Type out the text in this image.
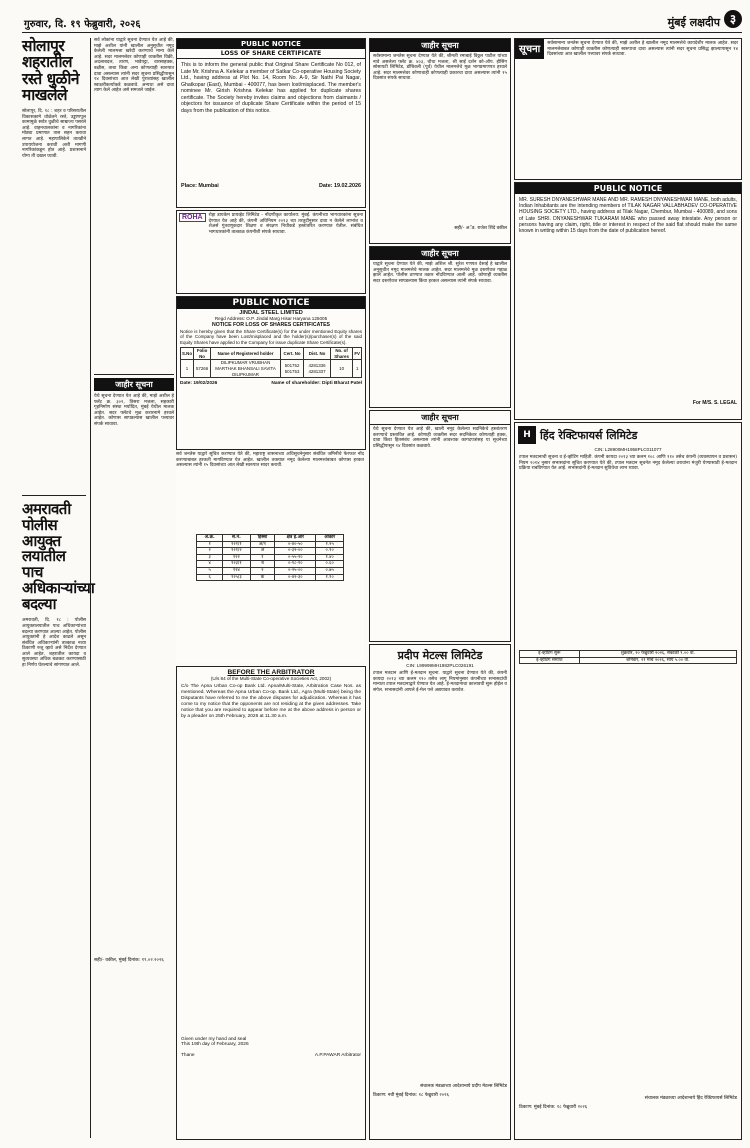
गुरुवार, दि. १९ फेब्रुवारी, २०२६	मुंबई लक्षदीप ३
सोलापूर शहरातील रस्ते धुळीने माखलेले
सोलापूर, दि. १८ : शहर व परिसरातील विकासकामे धोळेतने रस्ते, उड्डाणपूल कामामुळे सर्वत्र धुळीचे साम्राज्य पसरले आहे. वाहनचालकांना व नागरिकांना मोठ्या प्रमाणात त्रास सहन करावा लागत आहे. महापालिकेने तातडीने उपाययोजना करावी अशी मागणी नागरिकांकडून होत आहे. प्रशासनाने योग्य ती दखल घ्यावी.
अमरावती पोलीस आयुक्त लयातील पाच अधिकाऱ्यांच्या बदल्या
अमरावती, दि. १८ : पोलीस आयुक्तालयातील पाच अधिकाऱ्यांच्या बदल्या करण्यात आल्या आहेत. पोलीस आयुक्तांनी हे आदेश काढले असून संबंधित अधिकाऱ्यांनी तात्काळ नव्या ठिकाणी रुजू व्हावे असे निर्देश देण्यात आले आहेत. शहरातील कायदा व सुव्यवस्था अधिक बळकट करण्यासाठी हा निर्णय घेतल्याचे सांगण्यात आले.
सर्व लोकांना याद्वारे सूचना देण्यात येत आहे की, माझे अशील यांनी खालील अनुसूचीत नमूद केलेली मालमत्ता खरेदी करण्याचे मान्य केले आहे. सदर मालमत्तेवर कोणाही व्यक्तीस विक्री, अदलाबदल, तारण, भाडेपट्टा, वारसाहक्क, बक्षीस, ताबा किंवा अन्य कोणत्याही स्वरुपात दावा असल्यास त्यांनी सदर सूचना प्रसिद्धीपासून १४ दिवसांच्या आत लेखी पुराव्यांसह खालील स्वाक्षरीकर्त्याकडे कळवावे. अन्यथा असे दावा त्याग केले आहेत असे समजले जाईल.
जाहीर सूचना
येथे सूचना देण्यात येत आहे की, माझे अशील हे फ्लॅट क्र. ३०२, तिसरा मजला, सहकारी गृहनिर्माण संस्था मर्यादित, मुंबई येथील मालक आहेत. सदर फ्लॅटचे मूळ करारनामे हरवले आहेत. कोणास सापडल्यास खालील पत्त्यावर संपर्क साधावा.
सही/- वकील, मुंबई दिनांक: १९.०२.२०२६
PUBLIC NOTICE
LOSS OF SHARE CERTIFICATE
This is to inform the general public that Original Share Certificate No 012, of Late Mr. Krishna A. Kelekar a member of Satkar Co-operative Housing Society Ltd., having address at Plot No. 14, Room No. A-9, Sir Nathi Pai Nagar, Ghatkopar (East), Mumbai - 400077, has been lost/misplaced. The member's nominee Mr. Girish Krishna Kelekar has applied for duplicate shares certificate. The Society hereby invites claims and objections from claimants / objectors for issuance of duplicate Share Certificate within the period of 15 days from the publication of this notice.
Place: Mumbai	Date: 19.02.2026
ROHA	रोहा डायकेम प्रायव्हेट लिमिटेड - नोंदणीकृत कार्यालय: मुंबई. कंपनीच्या भागधारकांना सूचना देण्यात येत आहे की, कंपनी अधिनियम २०१३ च्या तरतुदीनुसार दावा न केलेले लाभांश व शेअर्स गुंतवणूकदार शिक्षण व संरक्षण निधीकडे हस्तांतरित करण्यात येतील. संबंधित भागधारकांनी तात्काळ कंपनीशी संपर्क साधावा.
PUBLIC NOTICE
JINDAL STEEL LIMITED
Regd Address: O.P. Jindal Marg Hisar Haryana 125005
NOTICE FOR LOSS OF SHARES CERTIFICATES
Notice is hereby given that the Share Certificate(s) for the under mentioned Equity shares of the Company have been Lost/misplaced and the holder(s)/purchaser(s) of the said Equity Shares have applied to the Company for issue duplicate Share Certificate(s).
S.No	Folio No	Name of Registered holder	Cert. No	Dist. No	No. of Shares	FV
1	57266	DILIPKUMAR VRUBHAN MARTHAK BHANSALI SAVITA DILIPKUMAR	501752 501753	4281336 4281337	10	1
Date: 19/02/2026	Name of shareholder: Dipti Bharat Patel
सर्व जनतेस याद्वारे सूचित करण्यात येते की, महाराष्ट्र शासनाच्या अधिसूचनेनुसार संबंधित जमिनीचे फेरफार नोंद करण्याबाबत हरकती मागविण्यात येत आहेत. खालील तक्त्यात नमूद केलेल्या मालमत्तांबाबत कोणास हरकत असल्यास त्यांनी १५ दिवसांच्या आत लेखी स्वरुपात सादर करावी.
अ.क्र.	स.नं.	हिस्सा	क्षेत्र हे.आर	आकार
१	१२१/१	अ/१	०-४०-५०	१.२५
२	१२१/२	अ	०-३२-००	०.९०
३	१२२	१	०-५५-२०	१.४०
४	१२३/१	ब	०-१८-१०	०.६०
५	१२४	२	०-२५-००	०.७५
६	१२५/३	क	०-४२-३०	१.१०
BEFORE THE ARBITRATOR
(U/s 84 of the Multi-State Co-operative Societies Act, 2002)
C/o The Apna Urban Co-op Bank Ltd. Apna/Multi-State, Arbitration Case Nos. as mentioned. Whereas the Apna Urban Co-op. Bank Ltd., Agra (Multi-State) being the Disputants have referred to me the above disputes for adjudication. Whereas it has come to my notice that the opponents are not residing at the given addresses. Take notice that you are required to appear before me at the above address in person or by a pleader on 25th February, 2026 at 11.30 a.m.
Given under my hand and seal
This 19th day of February, 2026
Thane	A.P.PAWAR Arbitrator
जाहीर सूचना
सर्वसामान्य जनतेस सूचना देण्यात येते की, श्रीमती रमाबाई विठ्ठल पाटील यांच्या नावे असलेला फ्लॅट क्र. ४०३, चौथा मजला, श्री साई दर्शन को-ऑप. हौसिंग सोसायटी लिमिटेड, डोंबिवली (पूर्व) येथील मालमत्तेचे मूळ भागप्रमाणपत्र हरवले आहे. सदर मालमत्तेवर कोणाचाही कोणत्याही प्रकारचा दावा असल्यास त्यांनी १५ दिवसांत संपर्क साधावा.
सही/- अॅड. राजेश शिंदे वकील
जाहीर सूचना
याद्वारे सूचना देण्यात येते की, माझे अशिल श्री. सुरेश गणपत देसाई हे खालील अनुसूचीत नमूद मालमत्तेचे मालक आहेत. सदर मालमत्तेचे मूळ दस्तऐवज गहाळ झाले आहेत. पोलीस ठाण्यात तक्रार नोंदविण्यात आली आहे. कोणाही व्यक्तीस सदर दस्तऐवज सापडल्यास किंवा हरकत असल्यास त्यांनी संपर्क साधावा.
जाहीर सूचना
येथे सूचना देण्यात येत आहे की, खाली नमूद केलेल्या सदनिकेचे हस्तांतरण करण्याचे प्रस्तावित आहे. कोणाही व्यक्तीस सदर सदनिकेवर कोणताही हक्क, दावा किंवा हितसंबंध असल्यास त्यांनी आवश्यक कागदपत्रांसह या सूचनेच्या प्रसिद्धीपासून १४ दिवसांत कळवावे.
प्रदीप मेटल्स लिमिटेड
CIN: L99999MH1982PLC026191
टपाल मतदान आणि ई-मतदान सूचना. याद्वारे सूचना देण्यात येते की, कंपनी कायदा २०१३ च्या कलम ११० तसेच लागू नियमांनुसार कंपनीच्या सभासदांची मान्यता टपाल मतदानाद्वारे घेण्यात येत आहे. ई-मतदानाचा कालावधी सुरू होईल व संपेल. सभासदांनी आपले ई-मेल पत्ते अद्ययावत करावेत.
संचालक मंडळाच्या आदेशान्वये प्रदीप मेटल्स लिमिटेड
ठिकाण: नवी मुंबई दिनांक: १८ फेब्रुवारी २०२६
सूचना
सर्वसामान्य जनतेस सूचना देण्यात येते की, माझे अशील हे खालील नमूद मालमत्तेचे कायदेशीर मालक आहेत. सदर मालमत्तेबाबत कोणाही व्यक्तीस कोणत्याही स्वरुपाचा दावा असल्यास त्यांनी सदर सूचना प्रसिद्ध झाल्यापासून १४ दिवसांच्या आत खालील पत्त्यावर संपर्क साधावा.
PUBLIC NOTICE
MR. SURESH DNYANESHWAR MANE AND MR. RAMESH DNYANESHWAR MANE, both adults, Indian Inhabitants are the intending members of TILAK NAGAR VALLABHADEV CO-OPERATIVE HOUSING SOCIETY LTD., having address at Tilak Nagar, Chembur, Mumbai - 400089, and sons of Late SHRI. DNYANESHWAR TUKARAM MANE who passed away intestate. Any person or persons having any claim, right, title or interest in respect of the said flat should make the same known in writing within 15 days from the date of publication hereof.
For M/S. S. LEGAL
H हिंद रेक्टिफायर्स लिमिटेड
CIN: L28900MH1958PLC011077
टपाल मतदानाची सूचना व ई-व्होटिंग माहिती. कंपनी कायदा २०१३ च्या कलम १०८ आणि ११० तसेच कंपनी (व्यवस्थापन व प्रशासन) नियम २०१४ नुसार सभासदांना सूचित करण्यात येते की, टपाल मतदान सूचनेत नमूद केलेल्या ठरावांना मंजुरी घेण्यासाठी ई-मतदान प्रक्रिया राबविण्यात येत आहे. सभासदांनी ई-मतदान सुविधेचा लाभ घ्यावा.
ई-व्होटिंग सुरू	शुक्रवार, २० फेब्रुवारी २०२६, सकाळी ९.०० वा.
ई-व्होटिंग समाप्त	शनिवार, २१ मार्च २०२६, सायं ५.०० वा.
संचालक मंडळाच्या आदेशान्वये हिंद रेक्टिफायर्स लिमिटेड
ठिकाण: मुंबई दिनांक: १८ फेब्रुवारी २०२६
